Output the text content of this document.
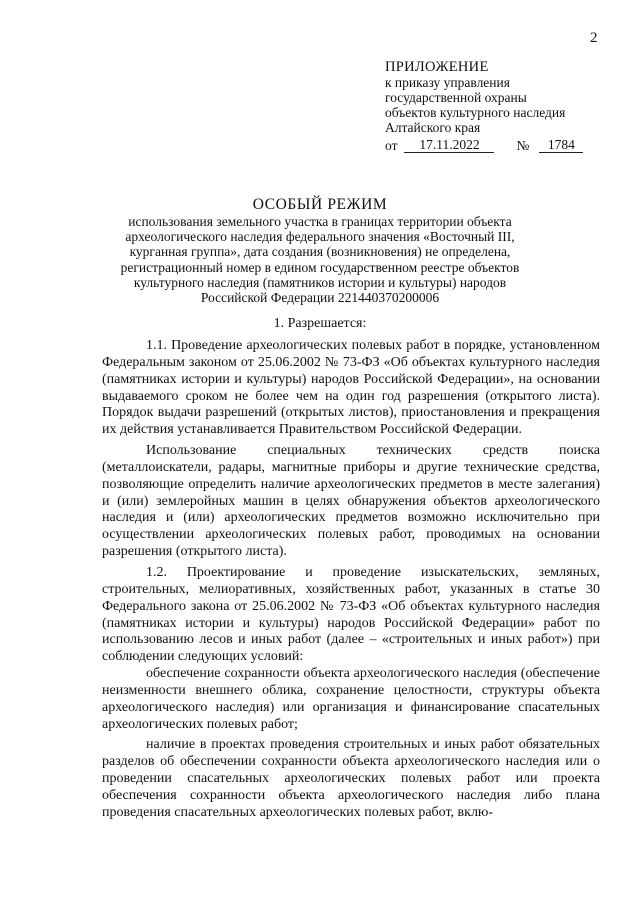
2
ПРИЛОЖЕНИЕ
к приказу управления
государственной охраны
объектов культурного наследия
Алтайского края
от	17.11.2022	№	1784
ОСОБЫЙ РЕЖИМ
использования земельного участка в границах территории объекта археологического наследия федерального значения «Восточный III, курганная группа», дата создания (возникновения) не определена, регистрационный номер в едином государственном реестре объектов культурного наследия (памятников истории и культуры) народов Российской Федерации 221440370200006
1. Разрешается:

1.1. Проведение археологических полевых работ в порядке, установленном Федеральным законом от 25.06.2002 № 73-ФЗ «Об объектах культурного наследия (памятниках истории и культуры) народов Российской Федерации», на основании выдаваемого сроком не более чем на один год разрешения (открытого листа). Порядок выдачи разрешений (открытых листов), приостановления и прекращения их действия устанавливается Правительством Российской Федерации.

Использование специальных технических средств поиска (металлоискатели, радары, магнитные приборы и другие технические средства, позволяющие определить наличие археологических предметов в месте залегания) и (или) землеройных машин в целях обнаружения объектов археологического наследия и (или) археологических предметов возможно исключительно при осуществлении археологических полевых работ, проводимых на основании разрешения (открытого листа).

1.2. Проектирование и проведение изыскательских, земляных, строительных, мелиоративных, хозяйственных работ, указанных в статье 30 Федерального закона от 25.06.2002 № 73-ФЗ «Об объектах культурного наследия (памятниках истории и культуры) народов Российской Федерации» работ по использованию лесов и иных работ (далее – «строительных и иных работ») при соблюдении следующих условий:

обеспечение сохранности объекта археологического наследия (обеспечение неизменности внешнего облика, сохранение целостности, структуры объекта археологического наследия) или организация и финансирование спасательных археологических полевых работ;

наличие в проектах проведения строительных и иных работ обязательных разделов об обеспечении сохранности объекта археологического наследия или о проведении спасательных археологических полевых работ или проекта обеспечения сохранности объекта археологического наследия либо плана проведения спасательных археологических полевых работ, вклю-
